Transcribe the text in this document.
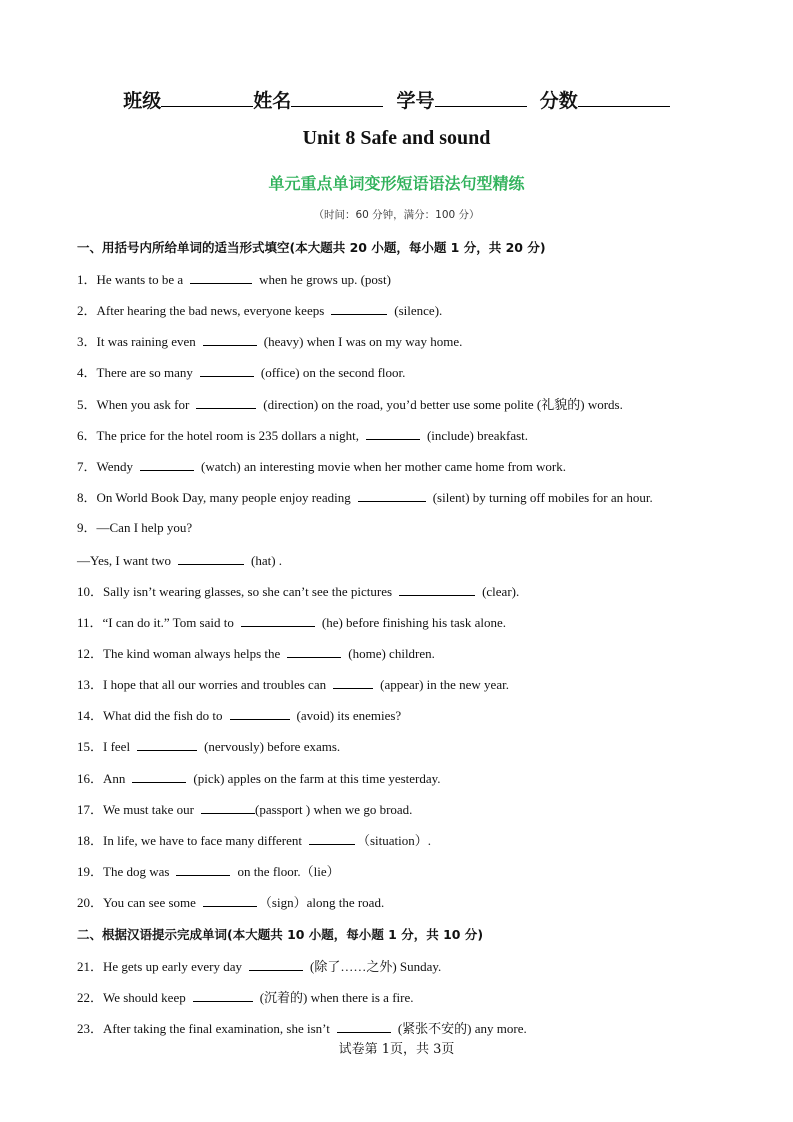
班级	姓名	学号	分数
Unit 8 Safe and sound
单元重点单词变形短语语法句型精练
（时间：60 分钟，满分：100 分）
一、用括号内所给单词的适当形式填空(本大题共 20 小题，每小题 1 分，共 20 分)
1．He wants to be a	when he grows up. (post)
2．After hearing the bad news, everyone keeps	(silence).
3．It was raining even	(heavy) when I was on my way home.
4．There are so many	(office) on the second floor.
5．When you ask for	(direction) on the road, you’d better use some polite (礼貌的) words.
6．The price for the hotel room is 235 dollars a night,	(include) breakfast.
7．Wendy	(watch) an interesting movie when her mother came home from work.
8．On World Book Day, many people enjoy reading	(silent) by turning off mobiles for an hour.
9．—Can I help you?
—Yes, I want two	(hat) .
10．Sally isn’t wearing glasses, so she can’t see the pictures	(clear).
11．“I can do it.” Tom said to	(he) before finishing his task alone.
12．The kind woman always helps the	(home) children.
13．I hope that all our worries and troubles can	(appear) in the new year.
14．What did the fish do to	(avoid) its enemies?
15．I feel	(nervously) before exams.
16．Ann	(pick) apples on the farm at this time yesterday.
17．We must take our	(passport ) when we go broad.
18．In life, we have to face many different	（situation）.
19．The dog was	on the floor.（lie）
20．You can see some	（sign）along the road.
二、根据汉语提示完成单词(本大题共 10 小题，每小题 1 分，共 10 分)
21．He gets up early every day	(除了……之外) Sunday.
22．We should keep	(沉着的) when there is a fire.
23．After taking the final examination, she isn’t	(紧张不安的) any more.
试卷第 1页，共 3页
